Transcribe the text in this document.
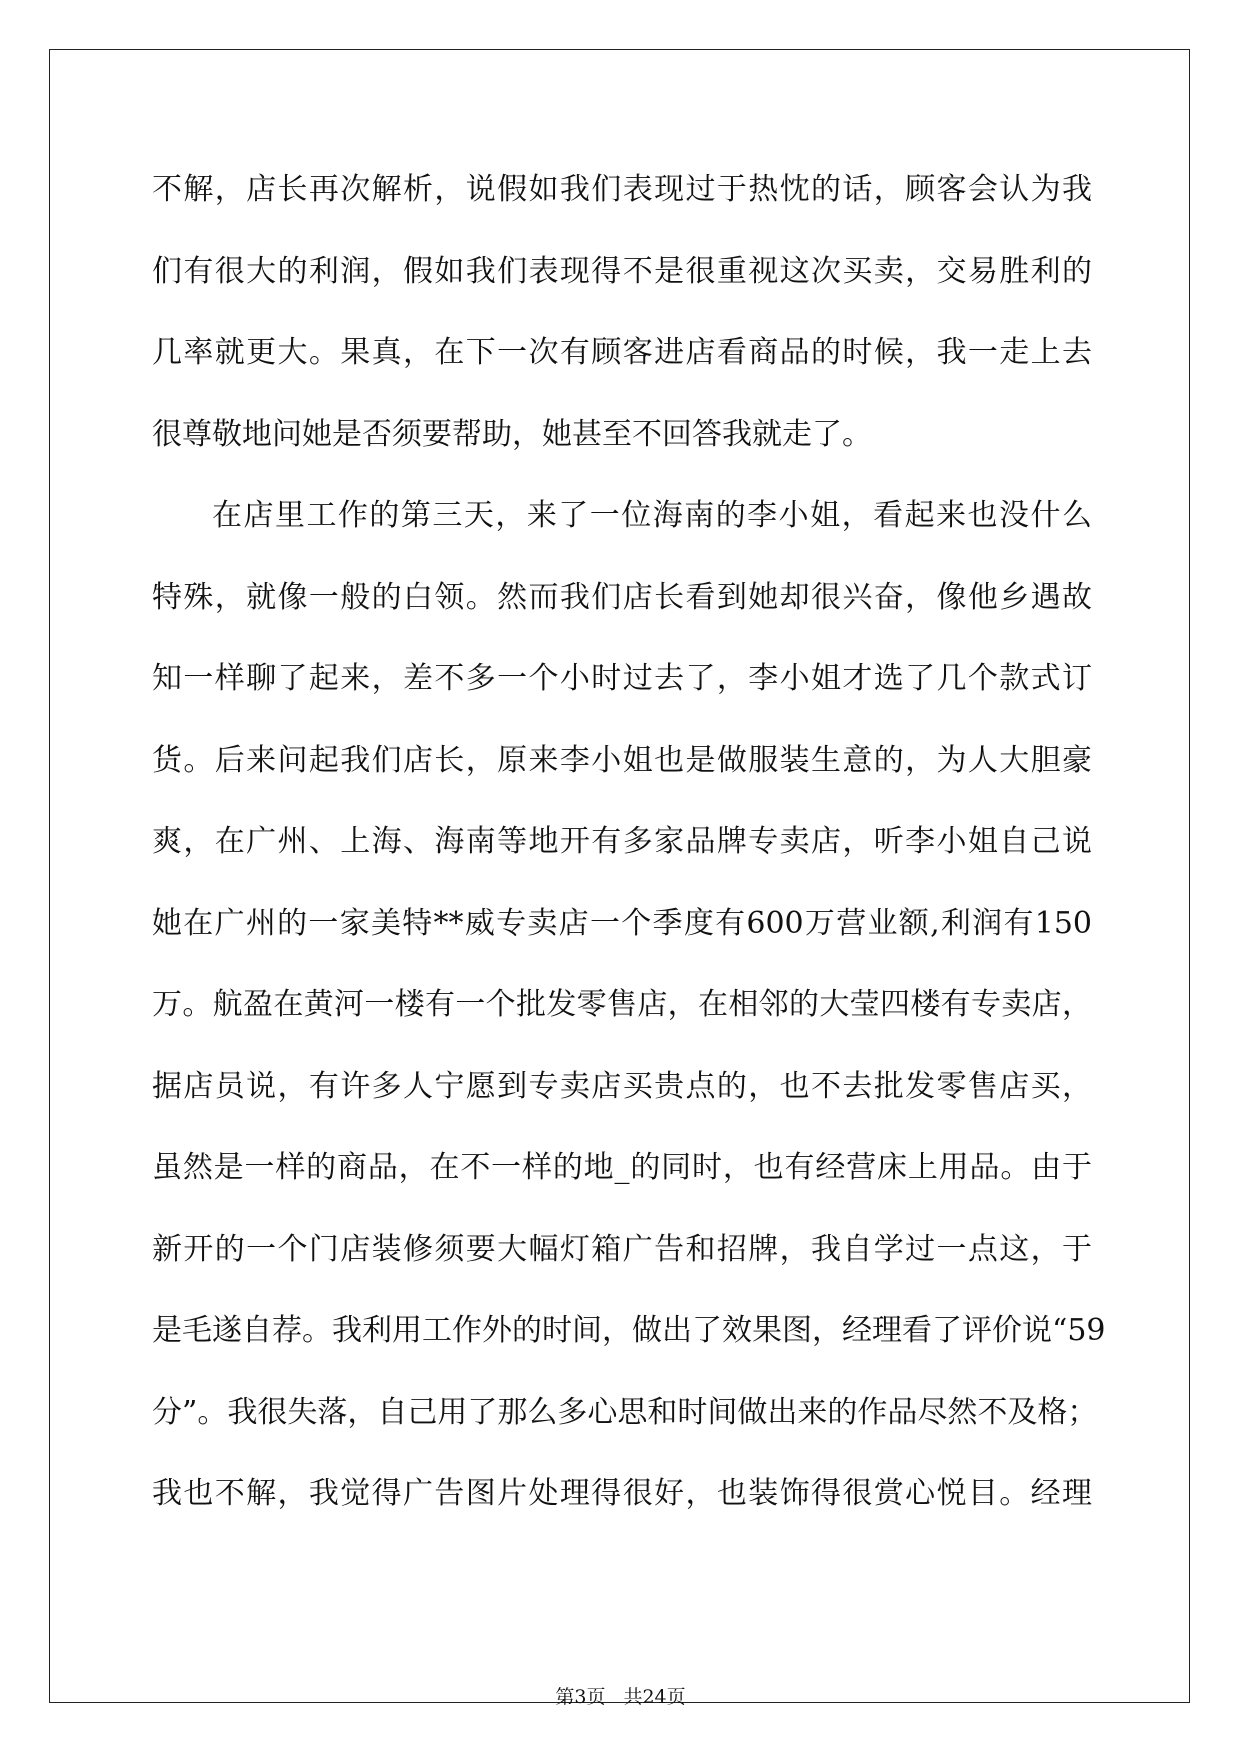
不解，店长再次解析，说假如我们表现过于热忱的话，顾客会认为我
们有很大的利润，假如我们表现得不是很重视这次买卖，交易胜利的
几率就更大。果真，在下一次有顾客进店看商品的时候，我一走上去
很尊敬地问她是否须要帮助，她甚至不回答我就走了。
在店里工作的第三天，来了一位海南的李小姐，看起来也没什么
特殊，就像一般的白领。然而我们店长看到她却很兴奋，像他乡遇故
知一样聊了起来，差不多一个小时过去了，李小姐才选了几个款式订
货。后来问起我们店长，原来李小姐也是做服装生意的，为人大胆豪
爽，在广州、上海、海南等地开有多家品牌专卖店，听李小姐自己说
她在广州的一家美特**威专卖店一个季度有600万营业额,利润有150
万。航盈在黄河一楼有一个批发零售店，在相邻的大莹四楼有专卖店，
据店员说，有许多人宁愿到专卖店买贵点的，也不去批发零售店买，
虽然是一样的商品，在不一样的地_的同时，也有经营床上用品。由于
新开的一个门店装修须要大幅灯箱广告和招牌，我自学过一点这，于
是毛遂自荐。我利用工作外的时间，做出了效果图，经理看了评价说“59
分”。我很失落，自己用了那么多心思和时间做出来的作品尽然不及格；
我也不解，我觉得广告图片处理得很好，也装饰得很赏心悦目。经理
第3页 共24页
